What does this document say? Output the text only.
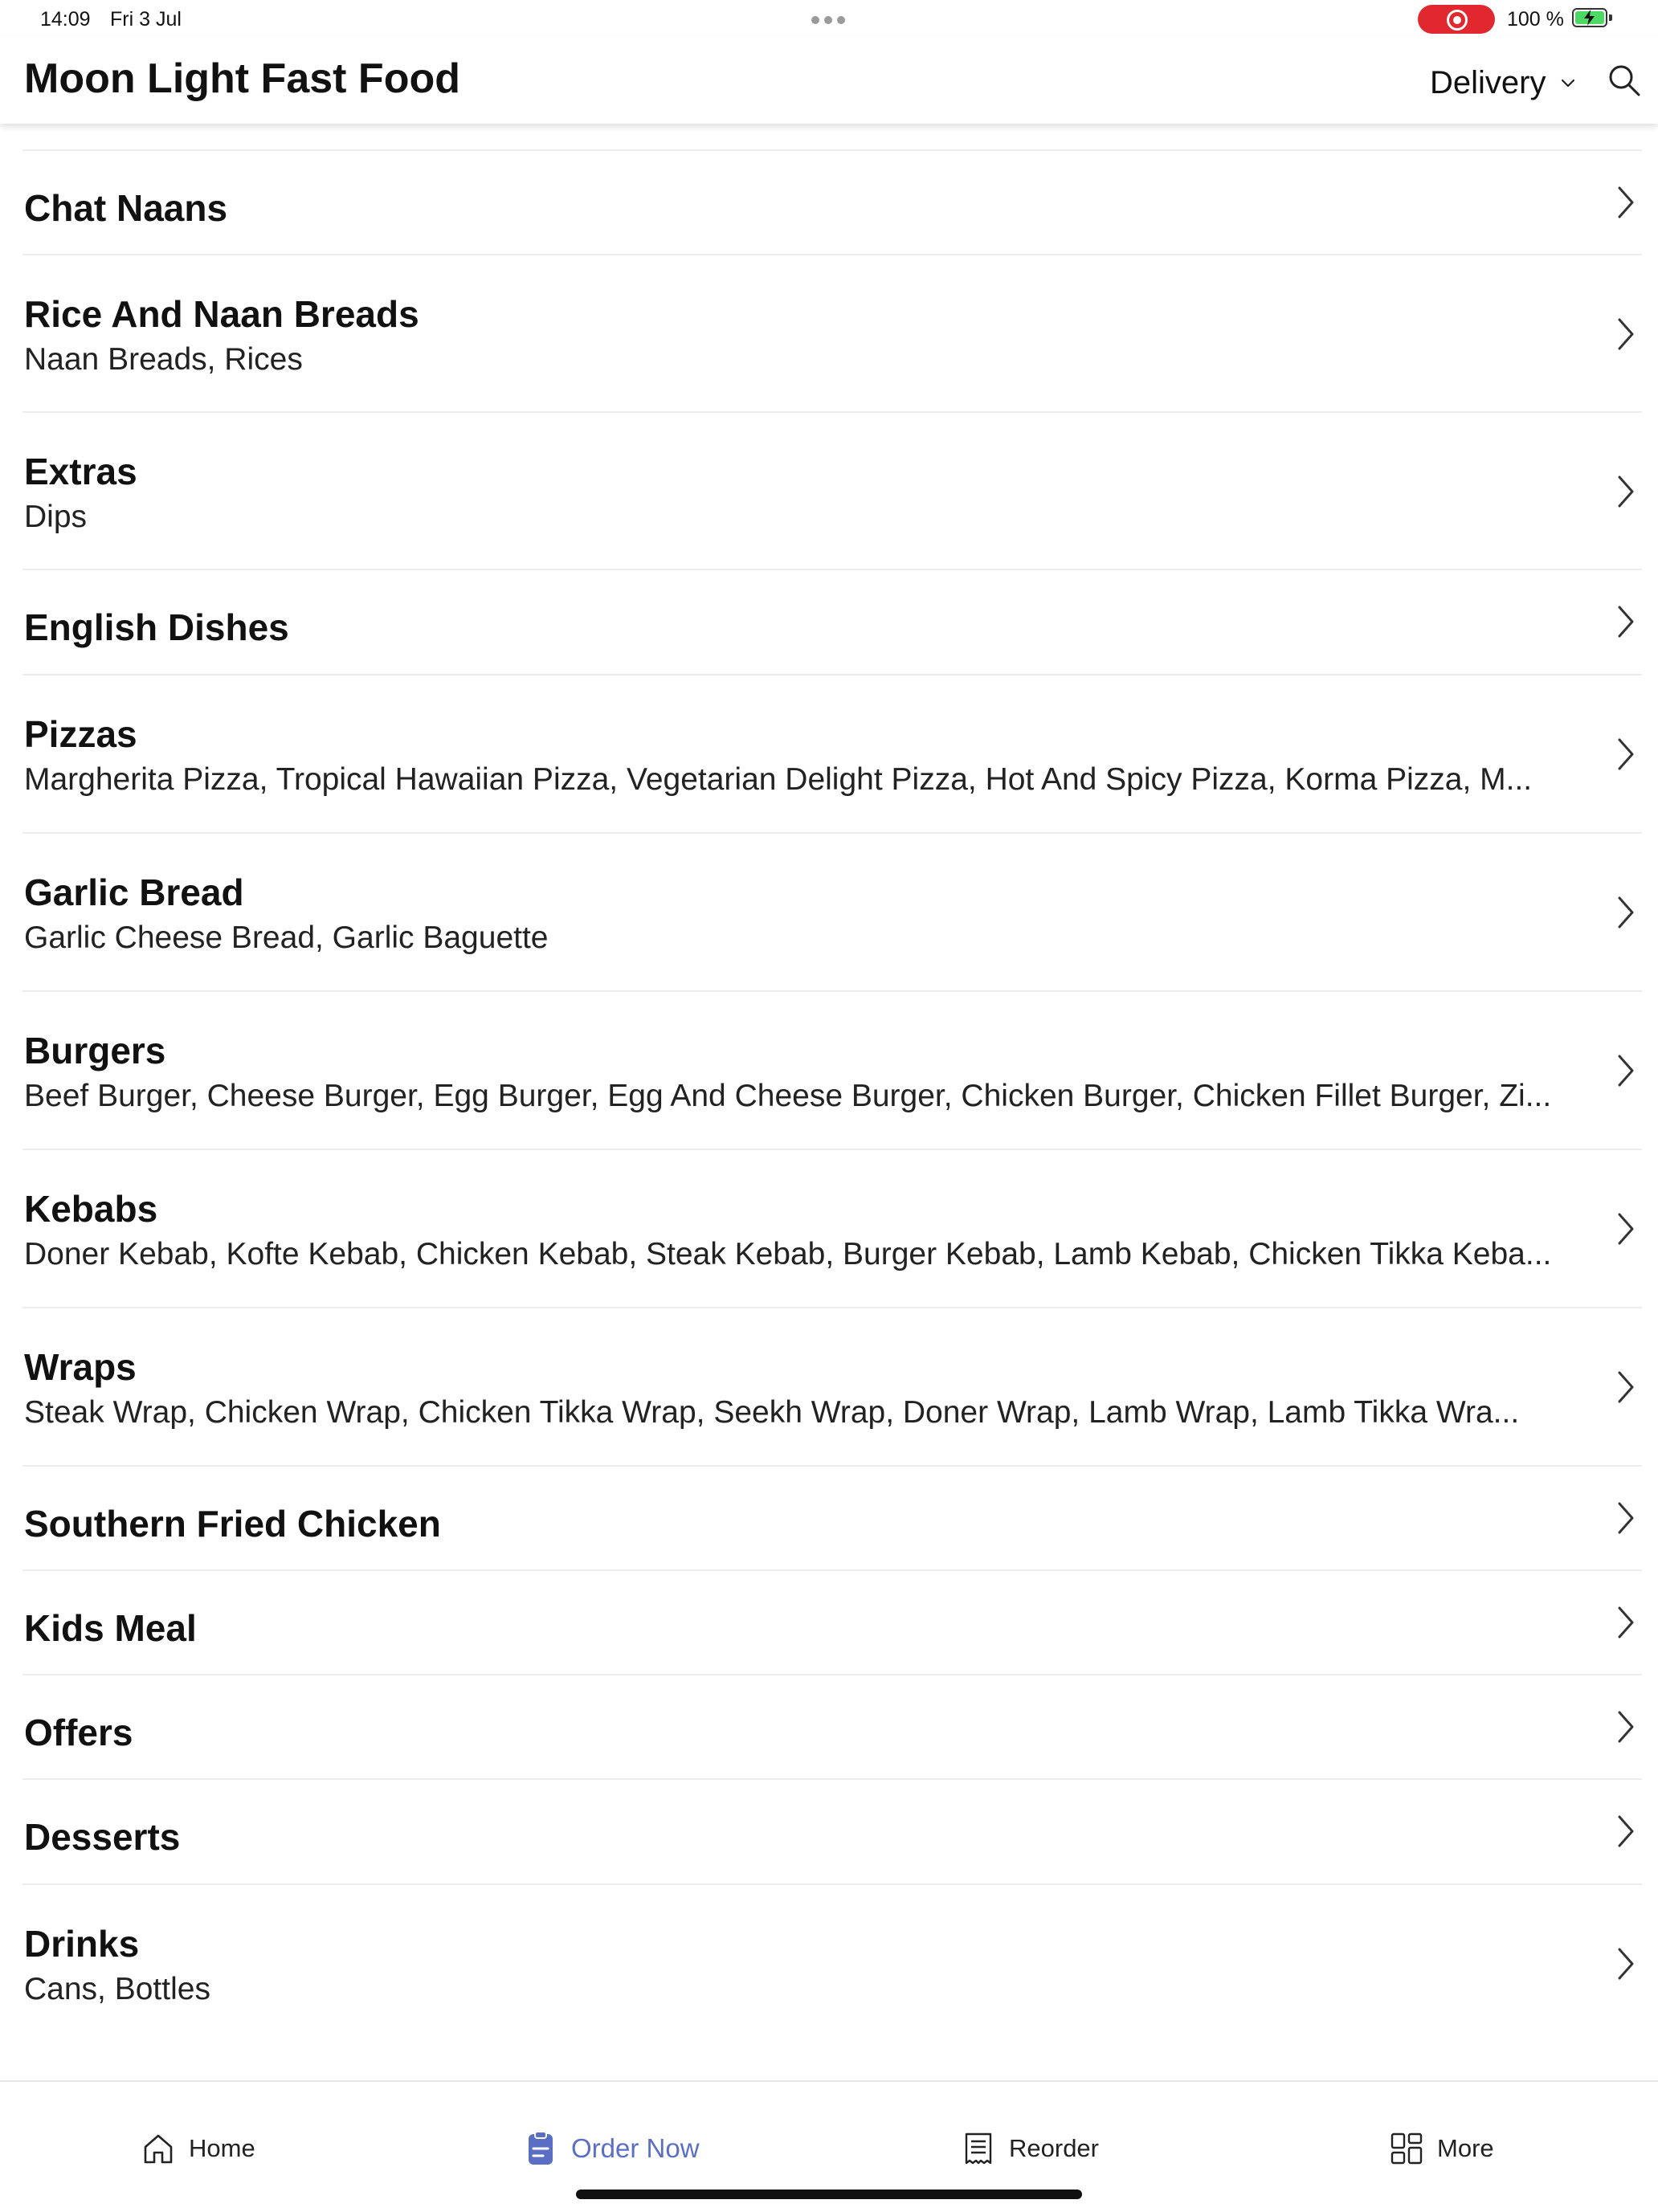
14:09 Fri 3 Jul	100 %
Moon Light Fast Food	Delivery
Chat Naans
Rice And Naan Breads
Naan Breads, Rices
Extras
Dips
English Dishes
Pizzas
Margherita Pizza, Tropical Hawaiian Pizza, Vegetarian Delight Pizza, Hot And Spicy Pizza, Korma Pizza, M...
Garlic Bread
Garlic Cheese Bread, Garlic Baguette
Burgers
Beef Burger, Cheese Burger, Egg Burger, Egg And Cheese Burger, Chicken Burger, Chicken Fillet Burger, Zi...
Kebabs
Doner Kebab, Kofte Kebab, Chicken Kebab, Steak Kebab, Burger Kebab, Lamb Kebab, Chicken Tikka Keba...
Wraps
Steak Wrap, Chicken Wrap, Chicken Tikka Wrap, Seekh Wrap, Doner Wrap, Lamb Wrap, Lamb Tikka Wra...
Southern Fried Chicken
Kids Meal
Offers
Desserts
Drinks
Cans, Bottles
Home	Order Now	Reorder	More
